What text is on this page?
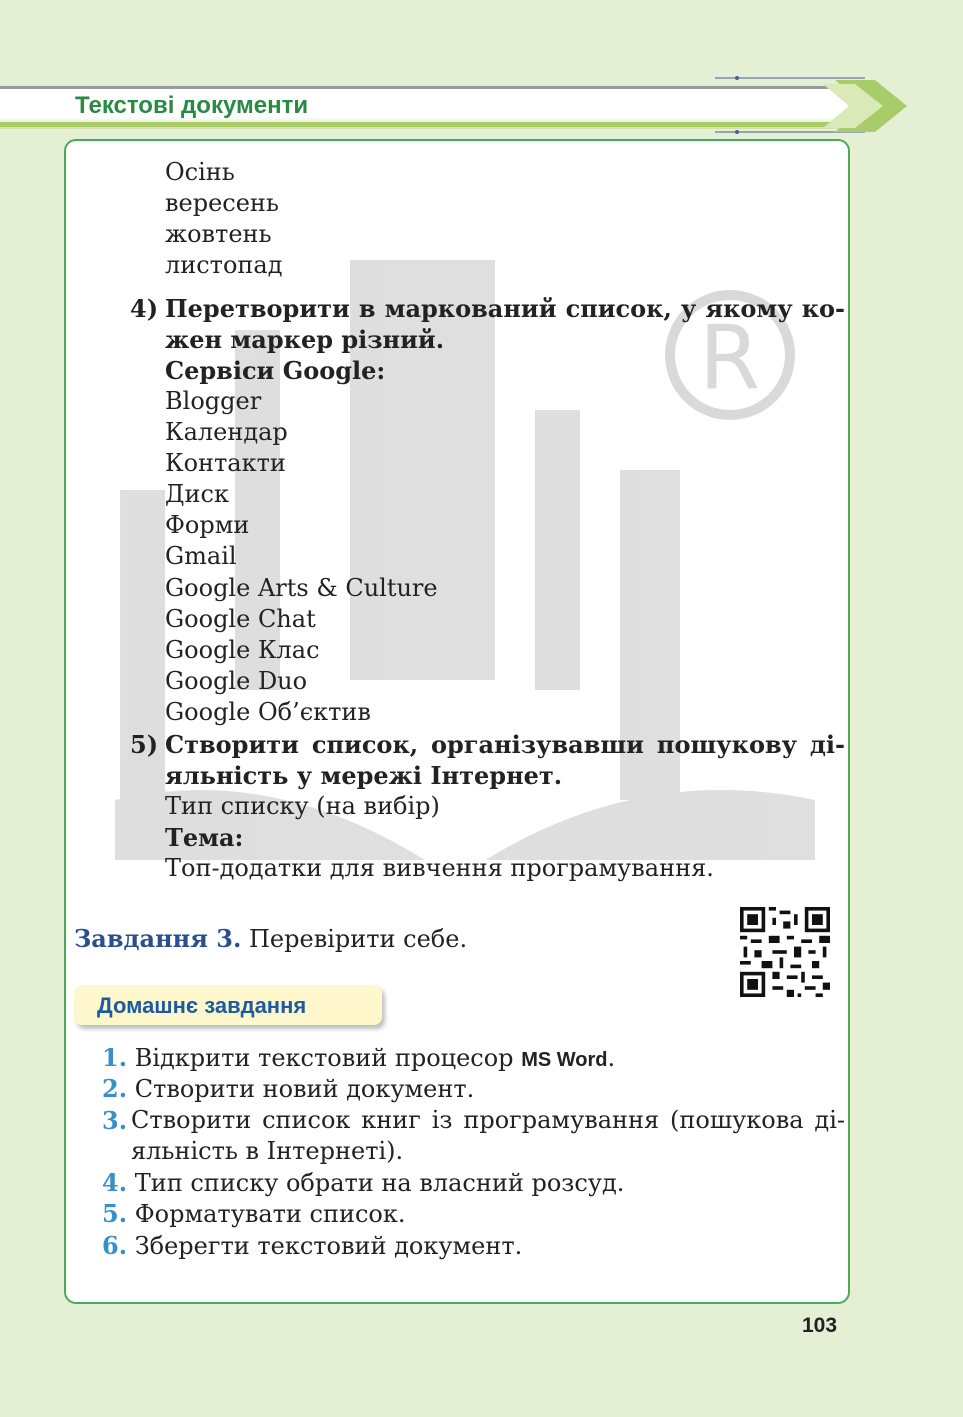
Текстові документи
R
Осінь
вересень
жовтень
листопад
4) Перетворити в маркований список, у якому ко-
жен маркер різний.
Сервіси Google:
Blogger
Календар
Контакти
Диск
Форми
Gmail
Google Arts & Culture
Google Chat
Google Клас
Google Duo
Google Об’єктив
5) Створити список, організувавши пошукову ді-
яльність у мережі Інтернет.
Тип списку (на вибір)
Тема:
Топ-додатки для вивчення програмування.
Завдання 3. Перевірити себе.
Домашнє завдання
1. Відкрити текстовий процесор MS Word.
2. Створити новий документ.
3. Створити список книг із програмування (пошукова ді-
яльність в Інтернеті).
4. Тип списку обрати на власний розсуд.
5. Форматувати список.
6. Зберегти текстовий документ.
103
